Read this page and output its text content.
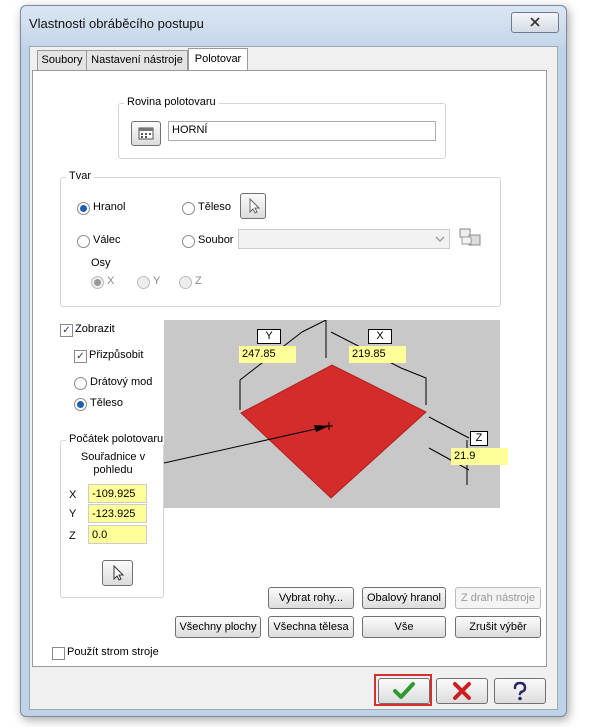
Vlastnosti obráběcího postupu
Soubory Nastavení nástroje	Polotovar
Rovina polotovaru
HORNÍ
Tvar
Hranol	Těleso
Válec	Soubor
Osy
X	Y	Z
✓ Zobrazit
✓ Přizpůsobit
Drátový mod
Těleso
Počátek polotovaru
Souřadnice v pohledu
X	-109.925
Y	-123.925
Z	0.0
Y
247.85
X
219.85
Z
21.9
Vybrat rohy...	Obalový hranol	Z drah nástroje
Všechny plochy	Všechna tělesa	Vše	Zrušit výběr
Použít strom stroje
